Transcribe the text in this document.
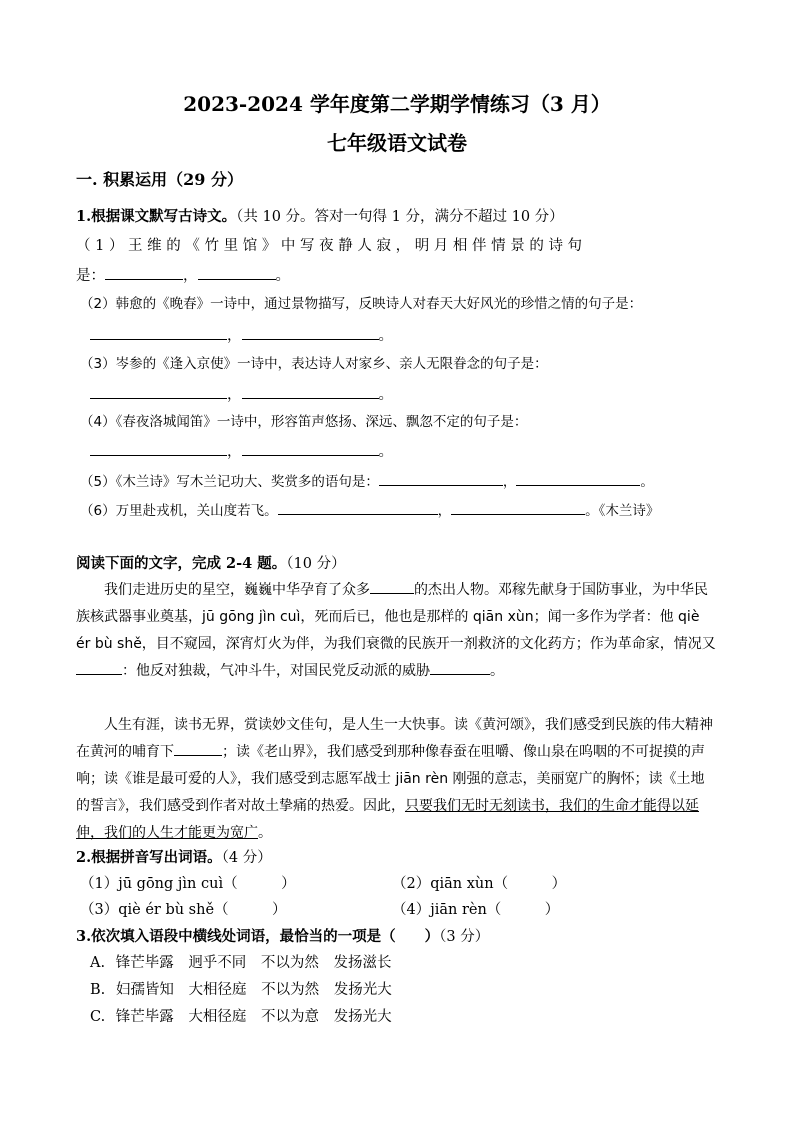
2023-2024 学年度第二学期学情练习（3 月）
七年级语文试卷
一. 积累运用（29 分）
1.根据课文默写古诗文。（共 10 分。答对一句得 1 分，满分不超过 10 分）
（ 1 ） 王 维 的 《 竹 里 馆 》 中 写 夜 静 人 寂 ， 明 月 相 伴 情 景 的 诗 句
是：	，	。
（2）韩愈的《晚春》一诗中，通过景物描写，反映诗人对春天大好风光的珍惜之情的句子是：
，	。
（3）岑参的《逢入京使》一诗中，表达诗人对家乡、亲人无限眷念的句子是：
，	。
（4）《春夜洛城闻笛》一诗中，形容笛声悠扬、深远、飘忽不定的句子是：
，	。
（5）《木兰诗》写木兰记功大、奖赏多的语句是：	，	。
（6）万里赴戎机，关山度若飞。	，	。《木兰诗》
阅读下面的文字，完成 2-4 题。（10 分）
我们走进历史的星空，巍巍中华孕育了众多	的杰出人物。邓稼先献身于国防事业，为中华民族核武器事业奠基，jū gōng jìn cuì，死而后已，他也是那样的 qiān xùn；闻一多作为学者：他 qiè ér bù shě，目不窥园，深宵灯火为伴，为我们衰微的民族开一剂救济的文化药方；作为革命家，情况又：他反对独裁，气冲斗牛，对国民党反动派的威胁	。
人生有涯，读书无界，赏读妙文佳句，是人生一大快事。读《黄河颂》，我们感受到民族的伟大精神在黄河的哺育下	；读《老山界》，我们感受到那种像春蚕在咀嚼、像山泉在呜咽的不可捉摸的声响；读《谁是最可爱的人》，我们感受到志愿军战士 jiān rèn 刚强的意志，美丽宽广的胸怀；读《土地的誓言》，我们感受到作者对故土挚痛的热爱。因此，只要我们无时无刻读书，我们的生命才能得以延伸，我们的人生才能更为宽广。
2.根据拼音写出词语。（4 分）
（1）jū gōng jìn cuì（　　　）	（2）qiān xùn（　　　）
（3）qiè ér bù shě（　　　）	（4）jiān rèn（　　　）
3.依次填入语段中横线处词语，最恰当的一项是（　　）（3 分）
A. 锋芒毕露 迥乎不同 不以为然 发扬滋长
B. 妇孺皆知 大相径庭 不以为然 发扬光大
C. 锋芒毕露 大相径庭 不以为意 发扬光大
